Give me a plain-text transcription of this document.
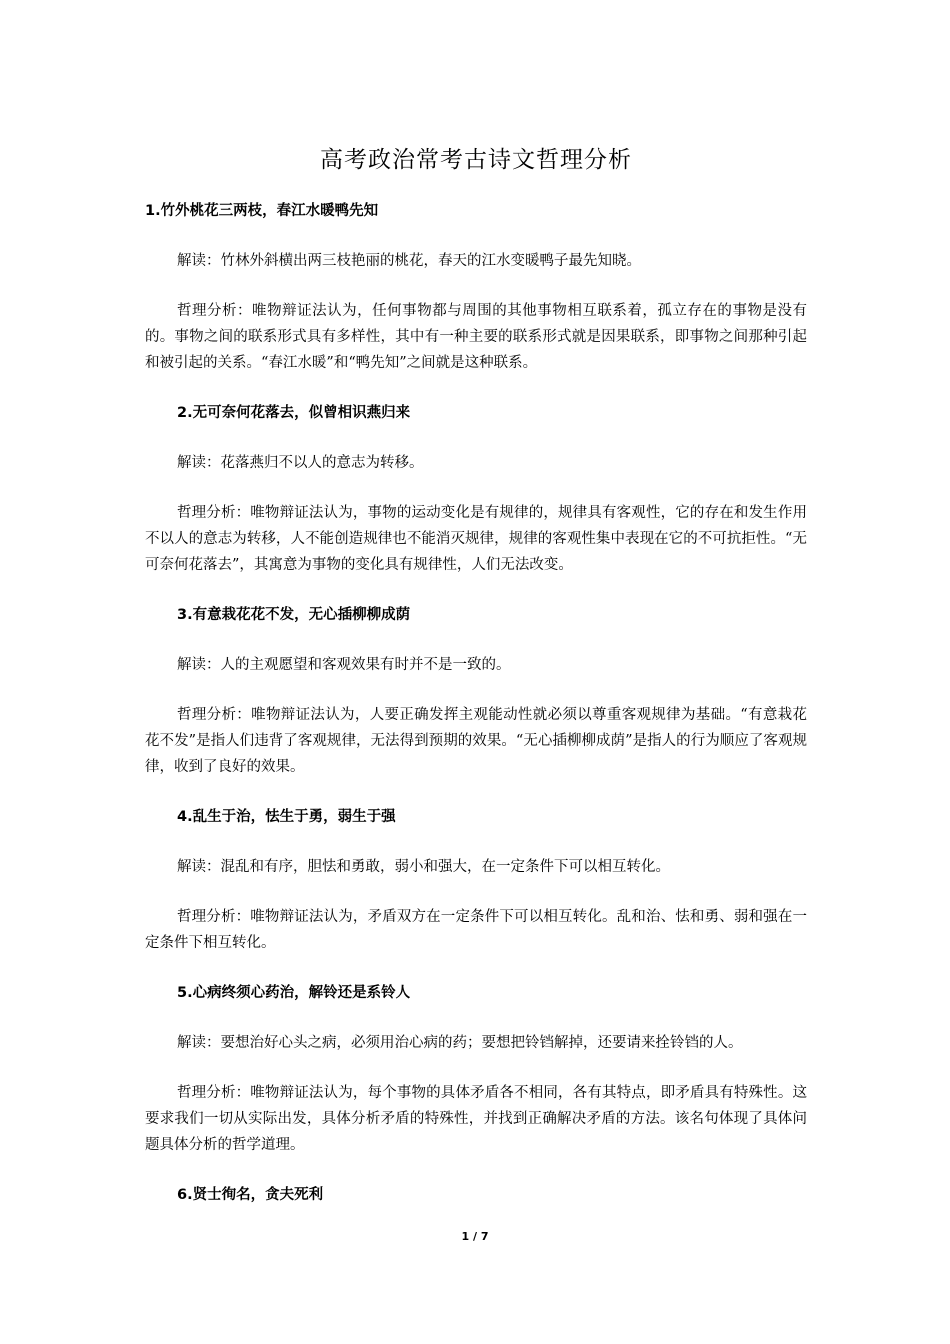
高考政治常考古诗文哲理分析

1.竹外桃花三两枝，春江水暖鸭先知

解读：竹林外斜横出两三枝艳丽的桃花，春天的江水变暖鸭子最先知晓。

哲理分析：唯物辩证法认为，任何事物都与周围的其他事物相互联系着，孤立存在的事物是没有的。事物之间的联系形式具有多样性，其中有一种主要的联系形式就是因果联系，即事物之间那种引起和被引起的关系。“春江水暖”和“鸭先知”之间就是这种联系。

2.无可奈何花落去，似曾相识燕归来

解读：花落燕归不以人的意志为转移。

哲理分析：唯物辩证法认为，事物的运动变化是有规律的，规律具有客观性，它的存在和发生作用不以人的意志为转移，人不能创造规律也不能消灭规律，规律的客观性集中表现在它的不可抗拒性。“无可奈何花落去”，其寓意为事物的变化具有规律性，人们无法改变。

3.有意栽花花不发，无心插柳柳成荫

解读：人的主观愿望和客观效果有时并不是一致的。

哲理分析：唯物辩证法认为，人要正确发挥主观能动性就必须以尊重客观规律为基础。“有意栽花花不发”是指人们违背了客观规律，无法得到预期的效果。“无心插柳柳成荫”是指人的行为顺应了客观规律，收到了良好的效果。

4.乱生于治，怯生于勇，弱生于强

解读：混乱和有序，胆怯和勇敢，弱小和强大，在一定条件下可以相互转化。

哲理分析：唯物辩证法认为，矛盾双方在一定条件下可以相互转化。乱和治、怯和勇、弱和强在一定条件下相互转化。

5.心病终须心药治，解铃还是系铃人

解读：要想治好心头之病，必须用治心病的药；要想把铃铛解掉，还要请来拴铃铛的人。

哲理分析：唯物辩证法认为，每个事物的具体矛盾各不相同，各有其特点，即矛盾具有特殊性。这要求我们一切从实际出发，具体分析矛盾的特殊性，并找到正确解决矛盾的方法。该名句体现了具体问题具体分析的哲学道理。

6.贤士徇名，贪夫死利

1 / 7
